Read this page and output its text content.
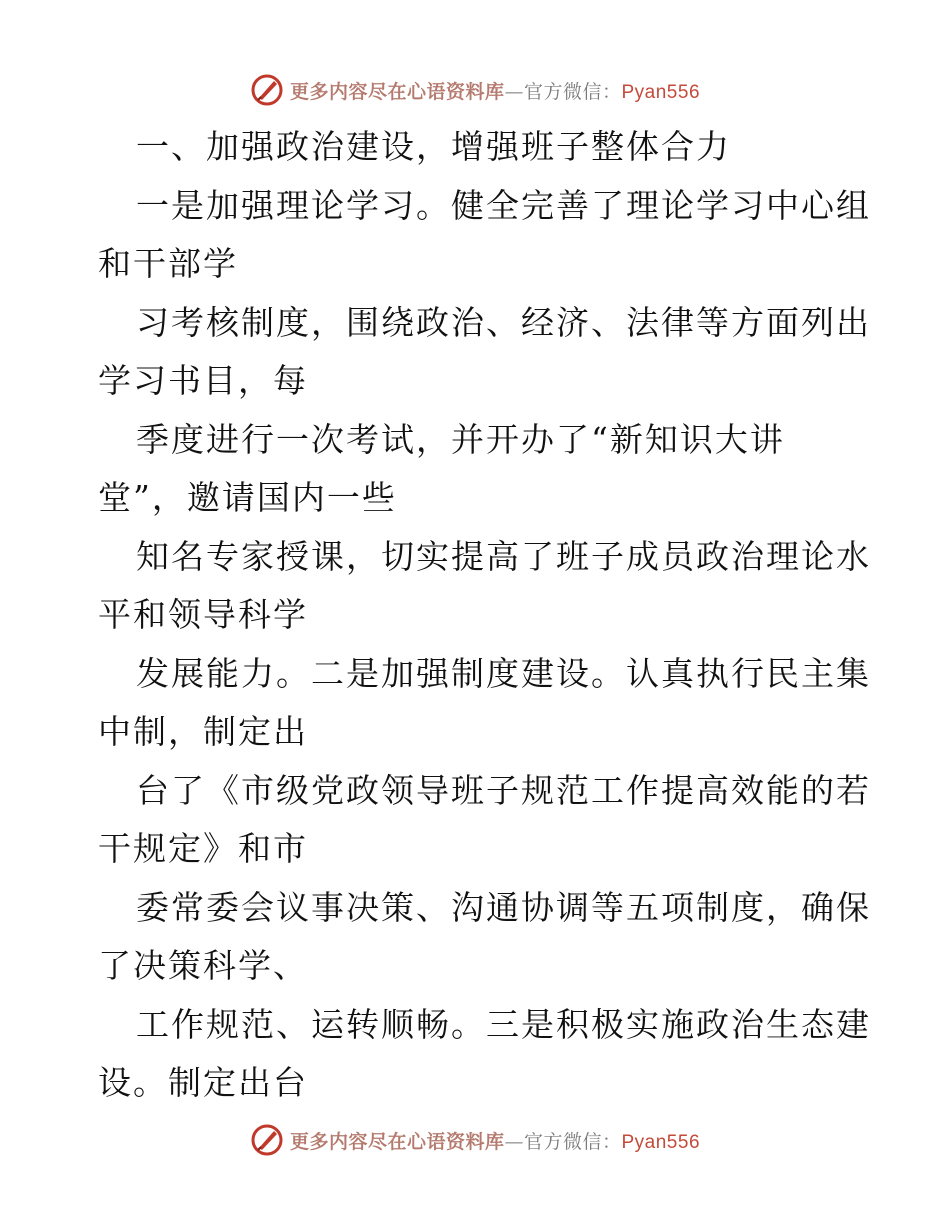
更多内容尽在心语资料库—官方微信：Pyan556
一、加强政治建设，增强班子整体合力
一是加强理论学习。健全完善了理论学习中心组
和干部学
习考核制度，围绕政治、经济、法律等方面列出
学习书目，每
季度进行一次考试，并开办了“新知识大讲
堂”，邀请国内一些
知名专家授课，切实提高了班子成员政治理论水
平和领导科学
发展能力。二是加强制度建设。认真执行民主集
中制，制定出
台了《市级党政领导班子规范工作提高效能的若
干规定》和市
委常委会议事决策、沟通协调等五项制度，确保
了决策科学、
工作规范、运转顺畅。三是积极实施政治生态建
设。制定出台
更多内容尽在心语资料库—官方微信：Pyan556
